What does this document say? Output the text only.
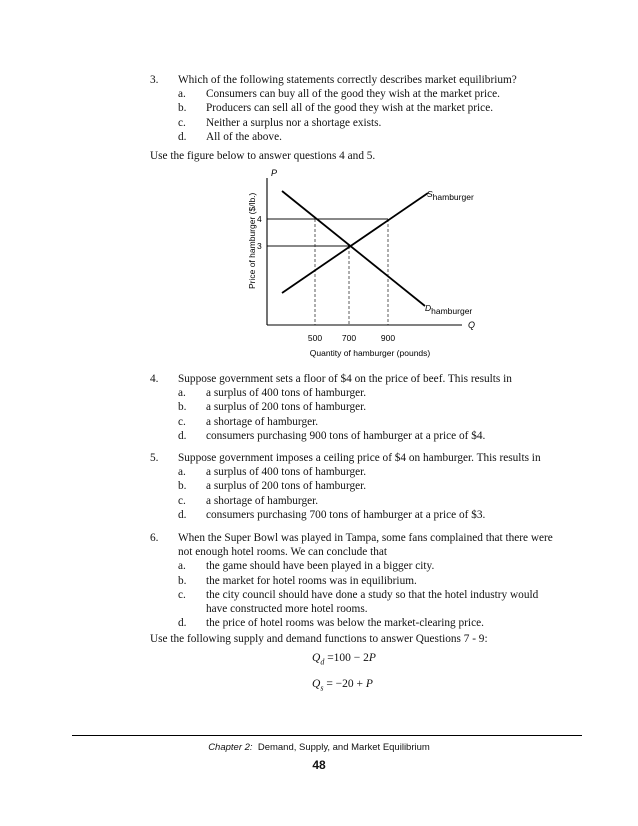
3. Which of the following statements correctly describes market equilibrium?
a. Consumers can buy all of the good they wish at the market price.
b. Producers can sell all of the good they wish at the market price.
c. Neither a surplus nor a shortage exists.
d. All of the above.
Use the figure below to answer questions 4 and 5.
P
Q
Price of hamburger ($/lb.) 4
3
500 700	900
Quantity of hamburger (pounds)
Shamburger
Dhamburger
4. Suppose government sets a floor of $4 on the price of beef. This results in
a. a surplus of 400 tons of hamburger.
b. a surplus of 200 tons of hamburger.
c. a shortage of hamburger.
d. consumers purchasing 900 tons of hamburger at a price of $4.
5. Suppose government imposes a ceiling price of $4 on hamburger. This results in
a. a surplus of 400 tons of hamburger.
b. a surplus of 200 tons of hamburger.
c. a shortage of hamburger.
d. consumers purchasing 700 tons of hamburger at a price of $3.
6. When the Super Bowl was played in Tampa, some fans complained that there were
not enough hotel rooms. We can conclude that
a. the game should have been played in a bigger city.
b. the market for hotel rooms was in equilibrium.
c. the city council should have done a study so that the hotel industry would
have constructed more hotel rooms.
d. the price of hotel rooms was below the market-clearing price.
Use the following supply and demand functions to answer Questions 7 - 9:
$Q_d =100 - 2P$
$Q_s = -20 + P$
Chapter 2: Demand, Supply, and Market Equilibrium
48
